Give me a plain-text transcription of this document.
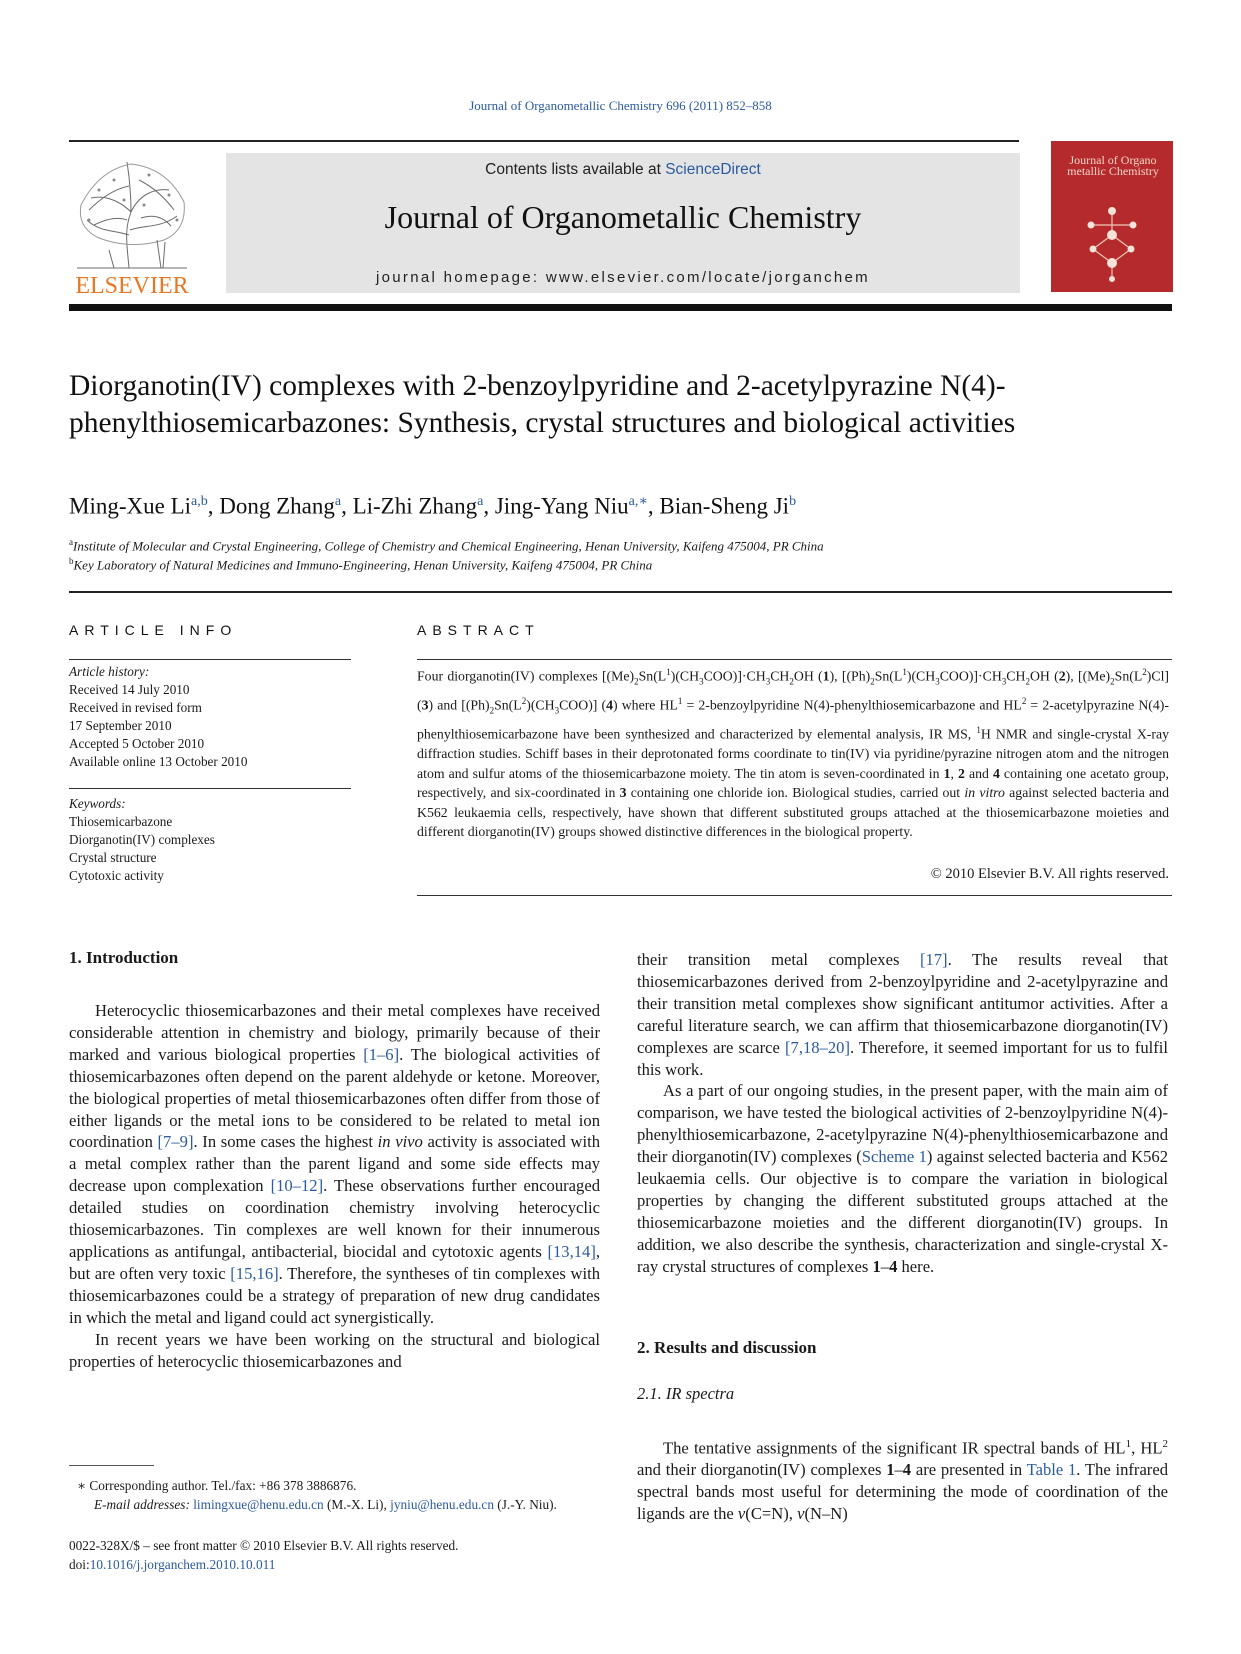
Journal of Organometallic Chemistry 696 (2011) 852–858
ELSEVIER
Contents lists available at ScienceDirect
Journal of Organometallic Chemistry
journal homepage: www.elsevier.com/locate/jorganchem
Journal of Organo metallic Chemistry
Diorganotin(IV) complexes with 2-benzoylpyridine and 2-acetylpyrazine N(4)-phenylthiosemicarbazones: Synthesis, crystal structures and biological activities
Ming-Xue Li$^{a,b}$, Dong Zhang$^a$, Li-Zhi Zhang$^a$, Jing-Yang Niu$^{a,∗}$, Bian-Sheng Ji$^b$
$^a$Institute of Molecular and Crystal Engineering, College of Chemistry and Chemical Engineering, Henan University, Kaifeng 475004, PR China
$^b$Key Laboratory of Natural Medicines and Immuno-Engineering, Henan University, Kaifeng 475004, PR China
ARTICLE INFO
Article history:
Received 14 July 2010
Received in revised form
17 September 2010
Accepted 5 October 2010
Available online 13 October 2010
Keywords:
Thiosemicarbazone
Diorganotin(IV) complexes
Crystal structure
Cytotoxic activity
ABSTRACT
Four diorganotin(IV) complexes $[(Me)_2Sn(L^1)(CH_3COO)]\cdot CH_3CH_2OH$ (1), $[(Ph)_2Sn(L^1)(CH_3COO)]\cdot CH_3CH_2OH$ (2), $[(Me)_2Sn(L^2)Cl]$ (3) and $[(Ph)_2Sn(L^2)(CH_3COO)]$ (4) where $HL^1$ = 2-benzoylpyridine N(4)-phenylthiosemicarbazone and $HL^2$ = 2-acetylpyrazine N(4)-phenylthiosemicarbazone have been synthesized and characterized by elemental analysis, IR MS, $^1$H NMR and single-crystal X-ray diffraction studies. Schiff bases in their deprotonated forms coordinate to tin(IV) via pyridine/pyrazine nitrogen atom and the nitrogen atom and sulfur atoms of the thiosemicarbazone moiety. The tin atom is seven-coordinated in 1, 2 and 4 containing one acetato group, respectively, and six-coordinated in 3 containing one chloride ion. Biological studies, carried out in vitro against selected bacteria and K562 leukaemia cells, respectively, have shown that different substituted groups attached at the thiosemicarbazone moieties and different diorganotin(IV) groups showed distinctive differences in the biological property.
© 2010 Elsevier B.V. All rights reserved.
1. Introduction

Heterocyclic thiosemicarbazones and their metal complexes have received considerable attention in chemistry and biology, primarily because of their marked and various biological properties [1–6]. The biological activities of thiosemicarbazones often depend on the parent aldehyde or ketone. Moreover, the biological properties of metal thiosemicarbazones often differ from those of either ligands or the metal ions to be considered to be related to metal ion coordination [7–9]. In some cases the highest in vivo activity is associated with a metal complex rather than the parent ligand and some side effects may decrease upon complexation [10–12]. These observations further encouraged detailed studies on coordination chemistry involving heterocyclic thiosemicarbazones. Tin complexes are well known for their innumerous applications as antifungal, antibacterial, biocidal and cytotoxic agents [13,14], but are often very toxic [15,16]. Therefore, the syntheses of tin complexes with thiosemicarbazones could be a strategy of preparation of new drug candidates in which the metal and ligand could act synergistically.

In recent years we have been working on the structural and biological properties of heterocyclic thiosemicarbazones and

their transition metal complexes [17]. The results reveal that thiosemicarbazones derived from 2-benzoylpyridine and 2-acetylpyrazine and their transition metal complexes show significant antitumor activities. After a careful literature search, we can affirm that thiosemicarbazone diorganotin(IV) complexes are scarce [7,18–20]. Therefore, it seemed important for us to fulfil this work.

As a part of our ongoing studies, in the present paper, with the main aim of comparison, we have tested the biological activities of 2-benzoylpyridine N(4)-phenylthiosemicarbazone, 2-acetylpyrazine N(4)-phenylthiosemicarbazone and their diorganotin(IV) complexes (Scheme 1) against selected bacteria and K562 leukaemia cells. Our objective is to compare the variation in biological properties by changing the different substituted groups attached at the thiosemicarbazone moieties and the different diorganotin(IV) groups. In addition, we also describe the synthesis, characterization and single-crystal X-ray crystal structures of complexes 1–4 here.

2. Results and discussion
2.1. IR spectra

The tentative assignments of the significant IR spectral bands of $HL^1$, $HL^2$ and their diorganotin(IV) complexes 1–4 are presented in Table 1. The infrared spectral bands most useful for determining the mode of coordination of the ligands are the ν(C=N), ν(N–N)

∗ Corresponding author. Tel./fax: +86 378 3886876.
E-mail addresses: limingxue@henu.edu.cn (M.-X. Li), jyniu@henu.edu.cn (J.-Y. Niu).
0022-328X/$ – see front matter © 2010 Elsevier B.V. All rights reserved.
doi:10.1016/j.jorganchem.2010.10.011
